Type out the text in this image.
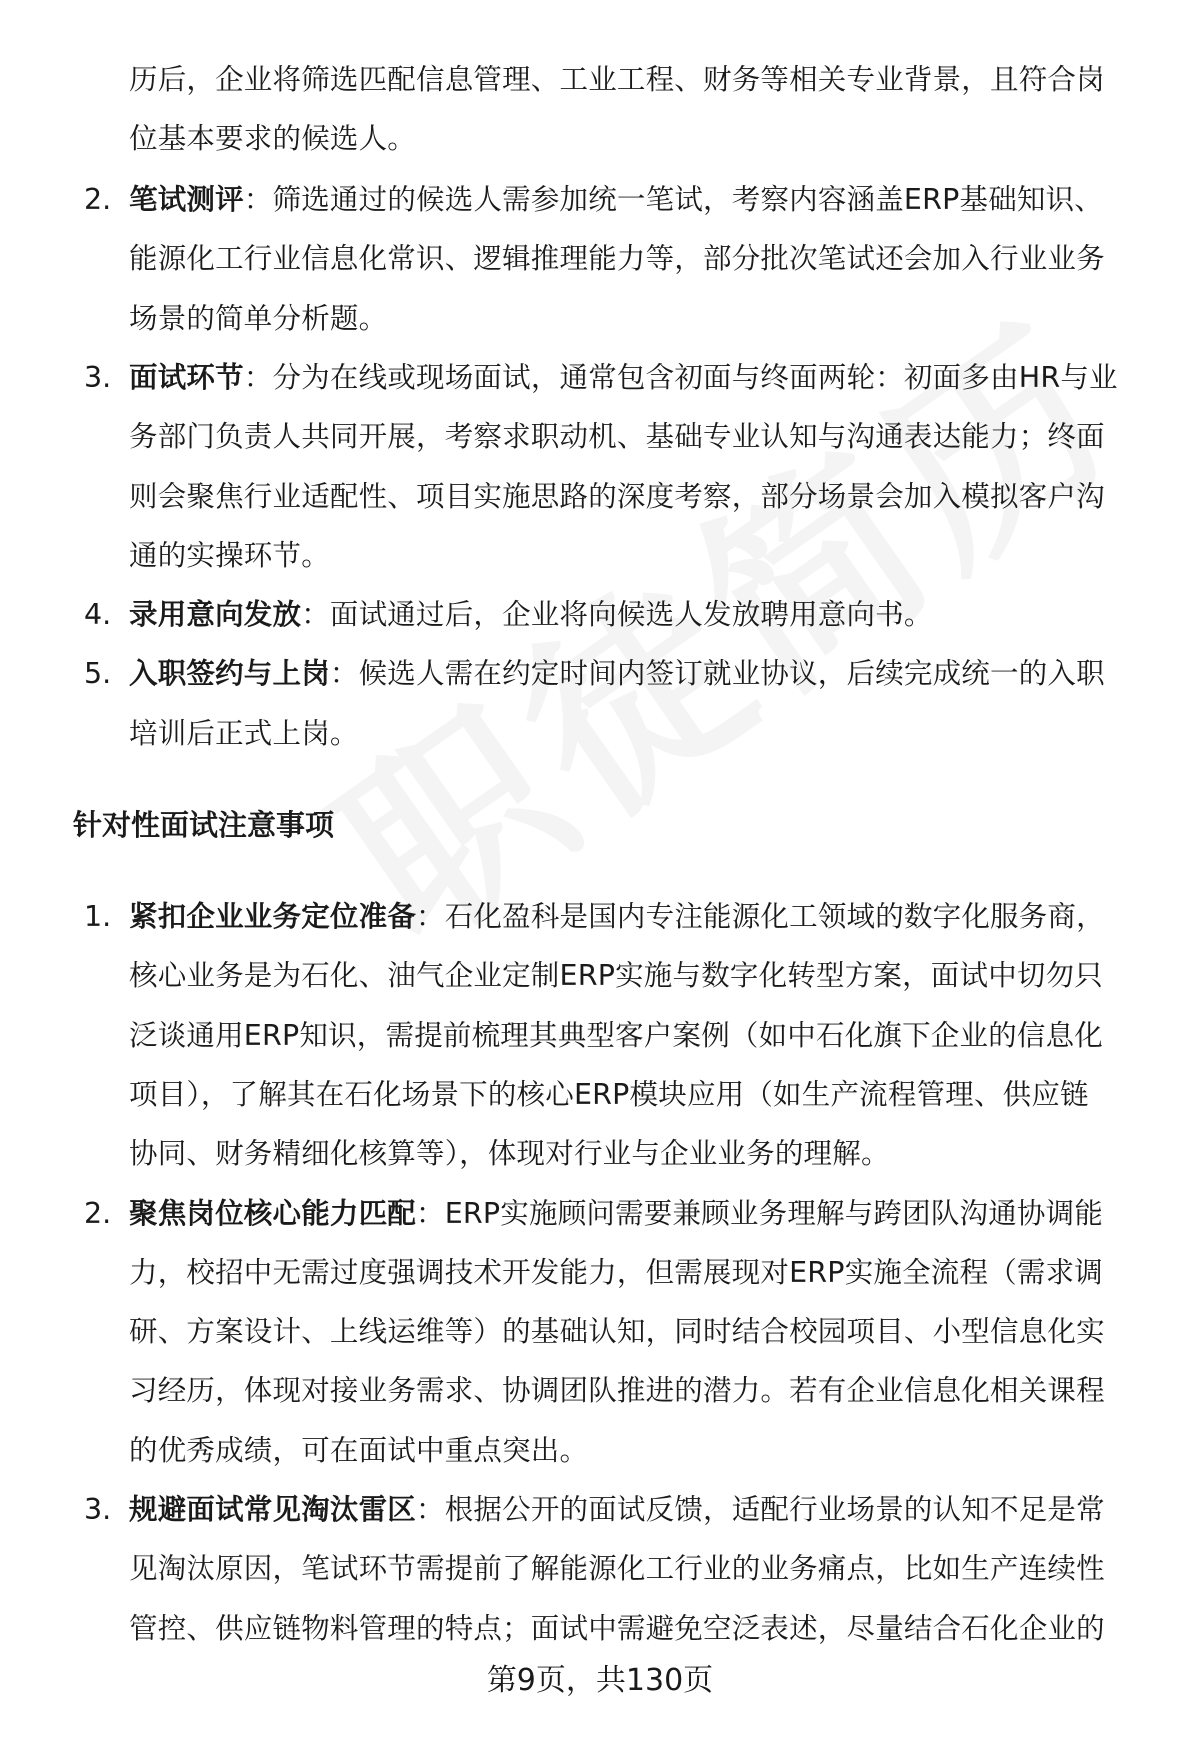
历后，企业将筛选匹配信息管理、工业工程、财务等相关专业背景，且符合岗
位基本要求的候选人。
2. 笔试测评：筛选通过的候选人需参加统一笔试，考察内容涵盖ERP基础知识、
能源化工行业信息化常识、逻辑推理能力等，部分批次笔试还会加入行业业务
场景的简单分析题。
3. 面试环节：分为在线或现场面试，通常包含初面与终面两轮：初面多由HR与业
务部门负责人共同开展，考察求职动机、基础专业认知与沟通表达能力；终面
则会聚焦行业适配性、项目实施思路的深度考察，部分场景会加入模拟客户沟
通的实操环节。
4. 录用意向发放：面试通过后，企业将向候选人发放聘用意向书。
5. 入职签约与上岗：候选人需在约定时间内签订就业协议，后续完成统一的入职
培训后正式上岗。
1. 紧扣企业业务定位准备：石化盈科是国内专注能源化工领域的数字化服务商，
核心业务是为石化、油气企业定制ERP实施与数字化转型方案，面试中切勿只
泛谈通用ERP知识，需提前梳理其典型客户案例（如中石化旗下企业的信息化
项目），了解其在石化场景下的核心ERP模块应用（如生产流程管理、供应链
协同、财务精细化核算等），体现对行业与企业业务的理解。
2. 聚焦岗位核心能力匹配：ERP实施顾问需要兼顾业务理解与跨团队沟通协调能
力，校招中无需过度强调技术开发能力，但需展现对ERP实施全流程（需求调
研、方案设计、上线运维等）的基础认知，同时结合校园项目、小型信息化实
习经历，体现对接业务需求、协调团队推进的潜力。若有企业信息化相关课程
的优秀成绩，可在面试中重点突出。
3. 规避面试常见淘汰雷区：根据公开的面试反馈，适配行业场景的认知不足是常
见淘汰原因，笔试环节需提前了解能源化工行业的业务痛点，比如生产连续性
管控、供应链物料管理的特点；面试中需避免空泛表述，尽量结合石化企业的
针对性面试注意事项
第9页，共130页
